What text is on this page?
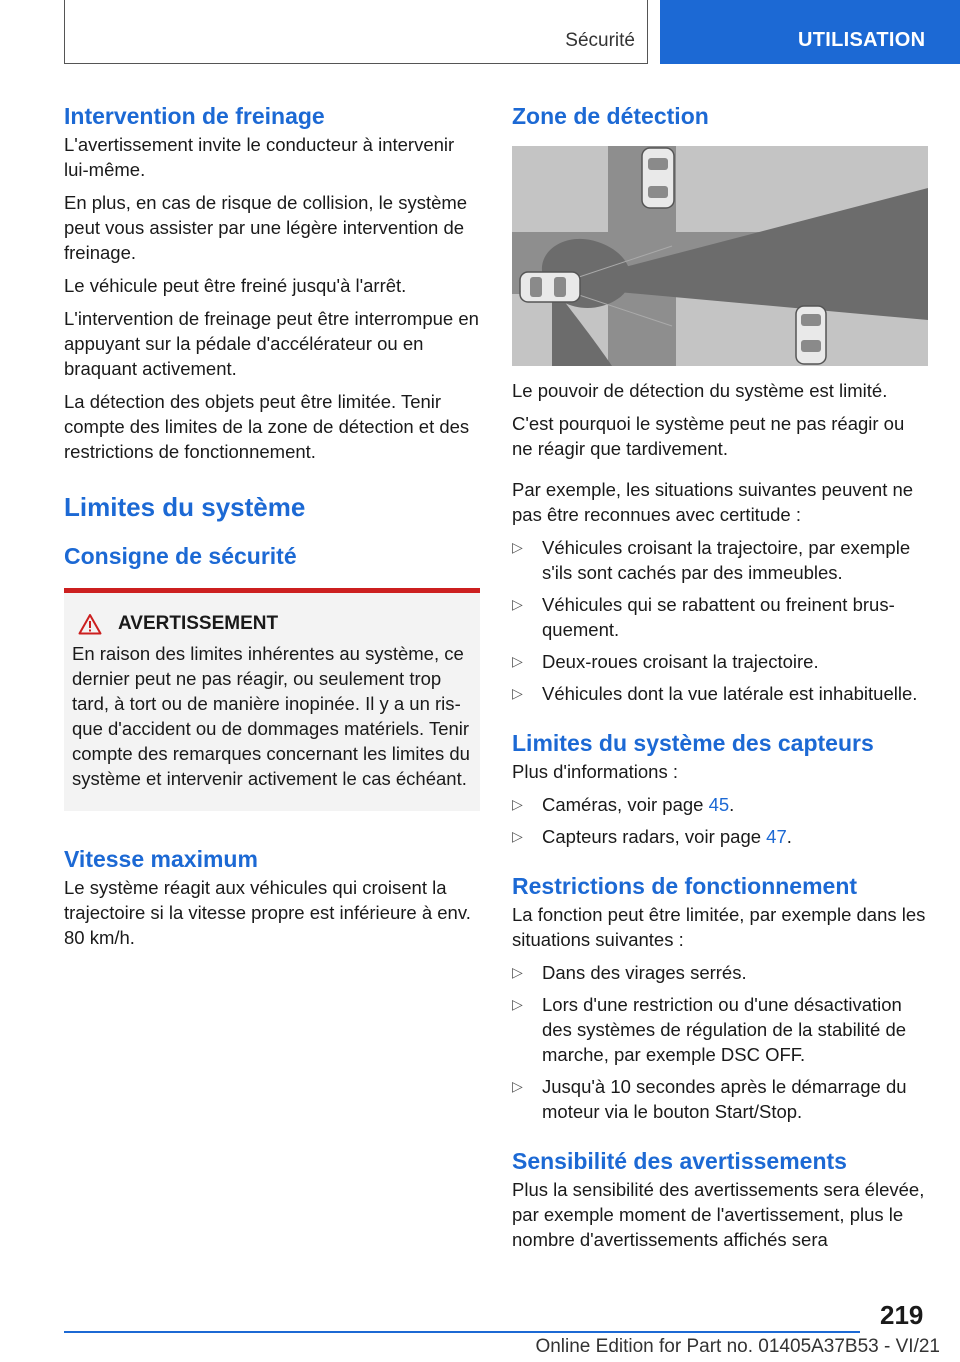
Sécurité	UTILISATION
Intervention de freinage

L'avertissement invite le conducteur à intervenir lui-même.

En plus, en cas de risque de collision, le système peut vous assister par une légère intervention de freinage.

Le véhicule peut être freiné jusqu'à l'arrêt.

L'intervention de freinage peut être interrompue en appuyant sur la pédale d'accélérateur ou en braquant activement.

La détection des objets peut être limitée. Tenir compte des limites de la zone de détection et des restrictions de fonctionnement.

Limites du système
Consigne de sécurité
AVERTISSEMENT

En raison des limites inhérentes au système, ce dernier peut ne pas réagir, ou seulement trop tard, à tort ou de manière inopinée. Il y a un risque d'accident ou de dommages matériels. Tenir compte des remarques concernant les limites du système et intervenir activement le cas échéant.

Vitesse maximum

Le système réagit aux véhicules qui croisent la trajectoire si la vitesse propre est inférieure à env. 80 km/h.

Zone de détection

Le pouvoir de détection du système est limité.

C'est pourquoi le système peut ne pas réagir ou ne réagir que tardivement.

Par exemple, les situations suivantes peuvent ne pas être reconnues avec certitude :

▷ Véhicules croisant la trajectoire, par exemple s'ils sont cachés par des immeubles.
▷ Véhicules qui se rabattent ou freinent brusquement.
▷ Deux-roues croisant la trajectoire.
▷ Véhicules dont la vue latérale est inhabituelle.
Limites du système des capteurs

Plus d'informations :

▷ Caméras, voir page 45.
▷ Capteurs radars, voir page 47.
Restrictions de fonctionnement

La fonction peut être limitée, par exemple dans les situations suivantes :

▷ Dans des virages serrés.
▷ Lors d'une restriction ou d'une désactivation des systèmes de régulation de la stabilité de marche, par exemple DSC OFF.
▷ Jusqu'à 10 secondes après le démarrage du moteur via le bouton Start/Stop.
Sensibilité des avertissements

Plus la sensibilité des avertissements sera élevée, par exemple moment de l'avertissement, plus le nombre d'avertissements affichés sera

219
Online Edition for Part no. 01405A37B53 - VI/21
